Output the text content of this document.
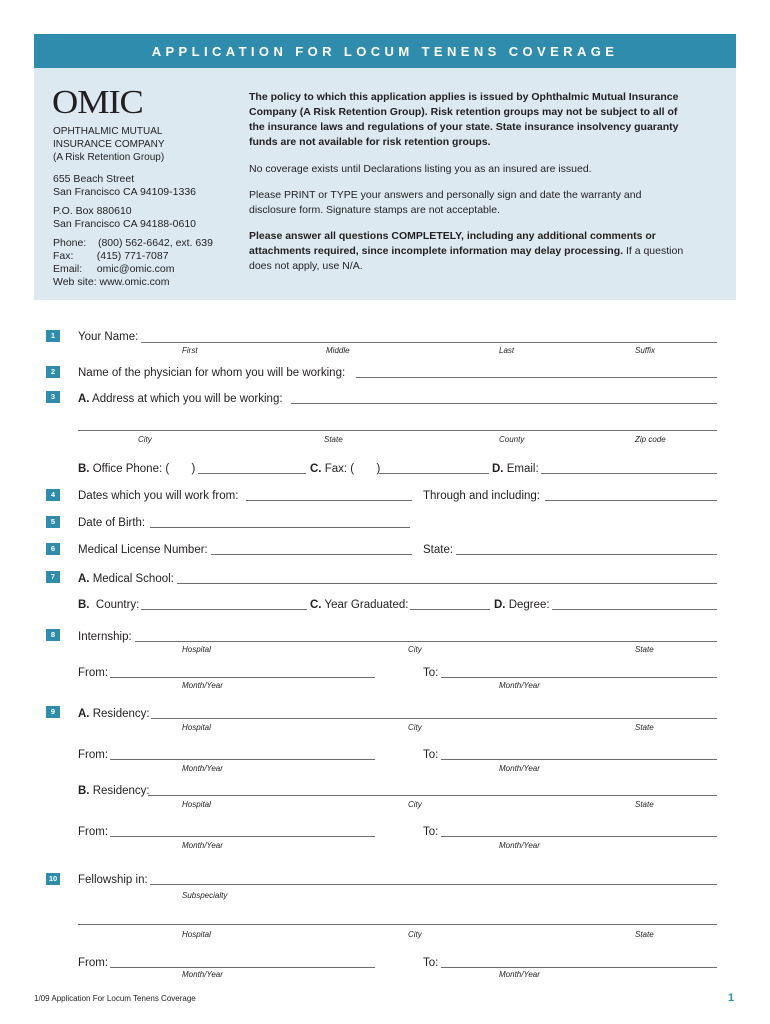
APPLICATION FOR LOCUM TENENS COVERAGE
OMIC
OPHTHALMIC MUTUAL
INSURANCE COMPANY
(A Risk Retention Group)
655 Beach Street
San Francisco CA 94109-1336
P.O. Box 880610
San Francisco CA 94188-0610
Phone:    (800) 562-6642, ext. 639
Fax:        (415) 771-7087
Email:     omic@omic.com
Web site: www.omic.com
The policy to which this application applies is issued by Ophthalmic Mutual Insurance Company (A Risk Retention Group). Risk retention groups may not be subject to all of the insurance laws and regulations of your state. State insurance insolvency guaranty funds are not available for risk retention groups.
No coverage exists until Declarations listing you as an insured are issued.
Please PRINT or TYPE your answers and personally sign and date the warranty and disclosure form. Signature stamps are not acceptable.
Please answer all questions COMPLETELY, including any additional comments or attachments required, since incomplete information may delay processing. If a question does not apply, use N/A.
1
2
3
4
5
6
7
8
9
10
Your Name:
First	Middle	Last	Suffix
Name of the physician for whom you will be working:
A. Address at which you will be working:
City	State	County	Zip code
B. Office Phone: (       )	C. Fax: (       )	D. Email:
Dates which you will work from:	Through and including:
Date of Birth:
Medical License Number:	State:
A. Medical School:
B.  Country:	C. Year Graduated:	D. Degree:
Internship:
Hospital	City	State
From:	To:
Month/Year	Month/Year
A. Residency:
Hospital	City	State
From:	To:
Month/Year	Month/Year
B. Residency:
Hospital	City	State
From:	To:
Month/Year	Month/Year
Fellowship in:
Subspecialty
Hospital	City	State
From:	To:
Month/Year	Month/Year
1/09 Application For Locum Tenens Coverage	1
